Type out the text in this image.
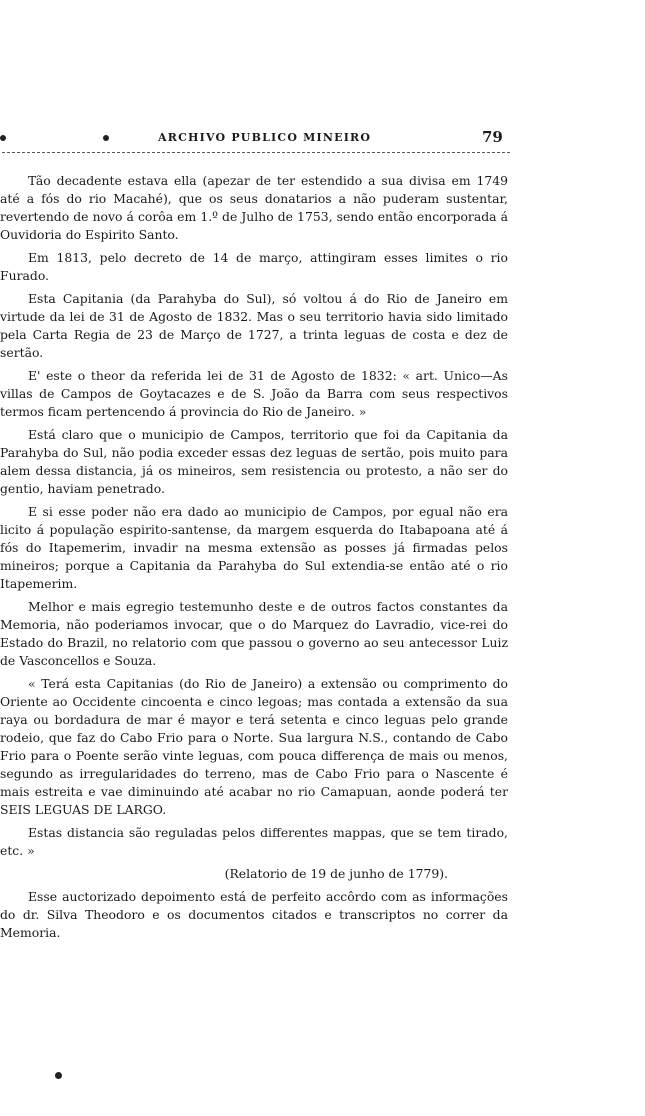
ARCHIVO PUBLICO MINEIRO	79

Tão decadente estava ella (apezar de ter estendido a sua divisa em 1749 até a fós do rio Macahé), que os seus donatarios a não puderam sustentar, revertendo de novo á corôa em 1.º de Julho de 1753, sendo então encorporada á Ouvidoria do Espirito Santo.

Em 1813, pelo decreto de 14 de março, attingiram esses limites o rio Furado.

Esta Capitania (da Parahyba do Sul), só voltou á do Rio de Janeiro em virtude da lei de 31 de Agosto de 1832. Mas o seu territorio havia sido limitado pela Carta Regia de 23 de Março de 1727, a trinta leguas de costa e dez de sertão.

E' este o theor da referida lei de 31 de Agosto de 1832: « art. Unico—As villas de Campos de Goytacazes e de S. João da Barra com seus respectivos termos ficam pertencendo á provincia do Rio de Janeiro. »

Está claro que o municipio de Campos, territorio que foi da Capitania da Parahyba do Sul, não podia exceder essas dez leguas de sertão, pois muito para alem dessa distancia, já os mineiros, sem resistencia ou protesto, a não ser do gentio, haviam penetrado.

E si esse poder não era dado ao municipio de Campos, por egual não era licito á população espirito-santense, da margem esquerda do Itabapoana até á fós do Itapemerim, invadir na mesma extensão as posses já firmadas pelos mineiros; porque a Capitania da Parahyba do Sul extendia-se então até o rio Itapemerim.

Melhor e mais egregio testemunho deste e de outros factos constantes da Memoria, não poderiamos invocar, que o do Marquez do Lavradio, vice-rei do Estado do Brazil, no relatorio com que passou o governo ao seu antecessor Luiz de Vasconcellos e Souza.

« Terá esta Capitanias (do Rio de Janeiro) a extensão ou comprimento do Oriente ao Occidente cincoenta e cinco legoas; mas contada a extensão da sua raya ou bordadura de mar é mayor e terá setenta e cinco leguas pelo grande rodeio, que faz do Cabo Frio para o Norte. Sua largura N.S., contando de Cabo Frio para o Poente serão vinte leguas, com pouca differença de mais ou menos, segundo as irregularidades do terreno, mas de Cabo Frio para o Nascente é mais estreita e vae diminuindo até acabar no rio Camapuan, aonde poderá ter SEIS LEGUAS DE LARGO.

Estas distancia são reguladas pelos differentes mappas, que se tem tirado, etc. »

(Relatorio de 19 de junho de 1779).

Esse auctorizado depoimento está de perfeito accôrdo com as informações do dr. Silva Theodoro e os documentos citados e transcriptos no correr da Memoria.
